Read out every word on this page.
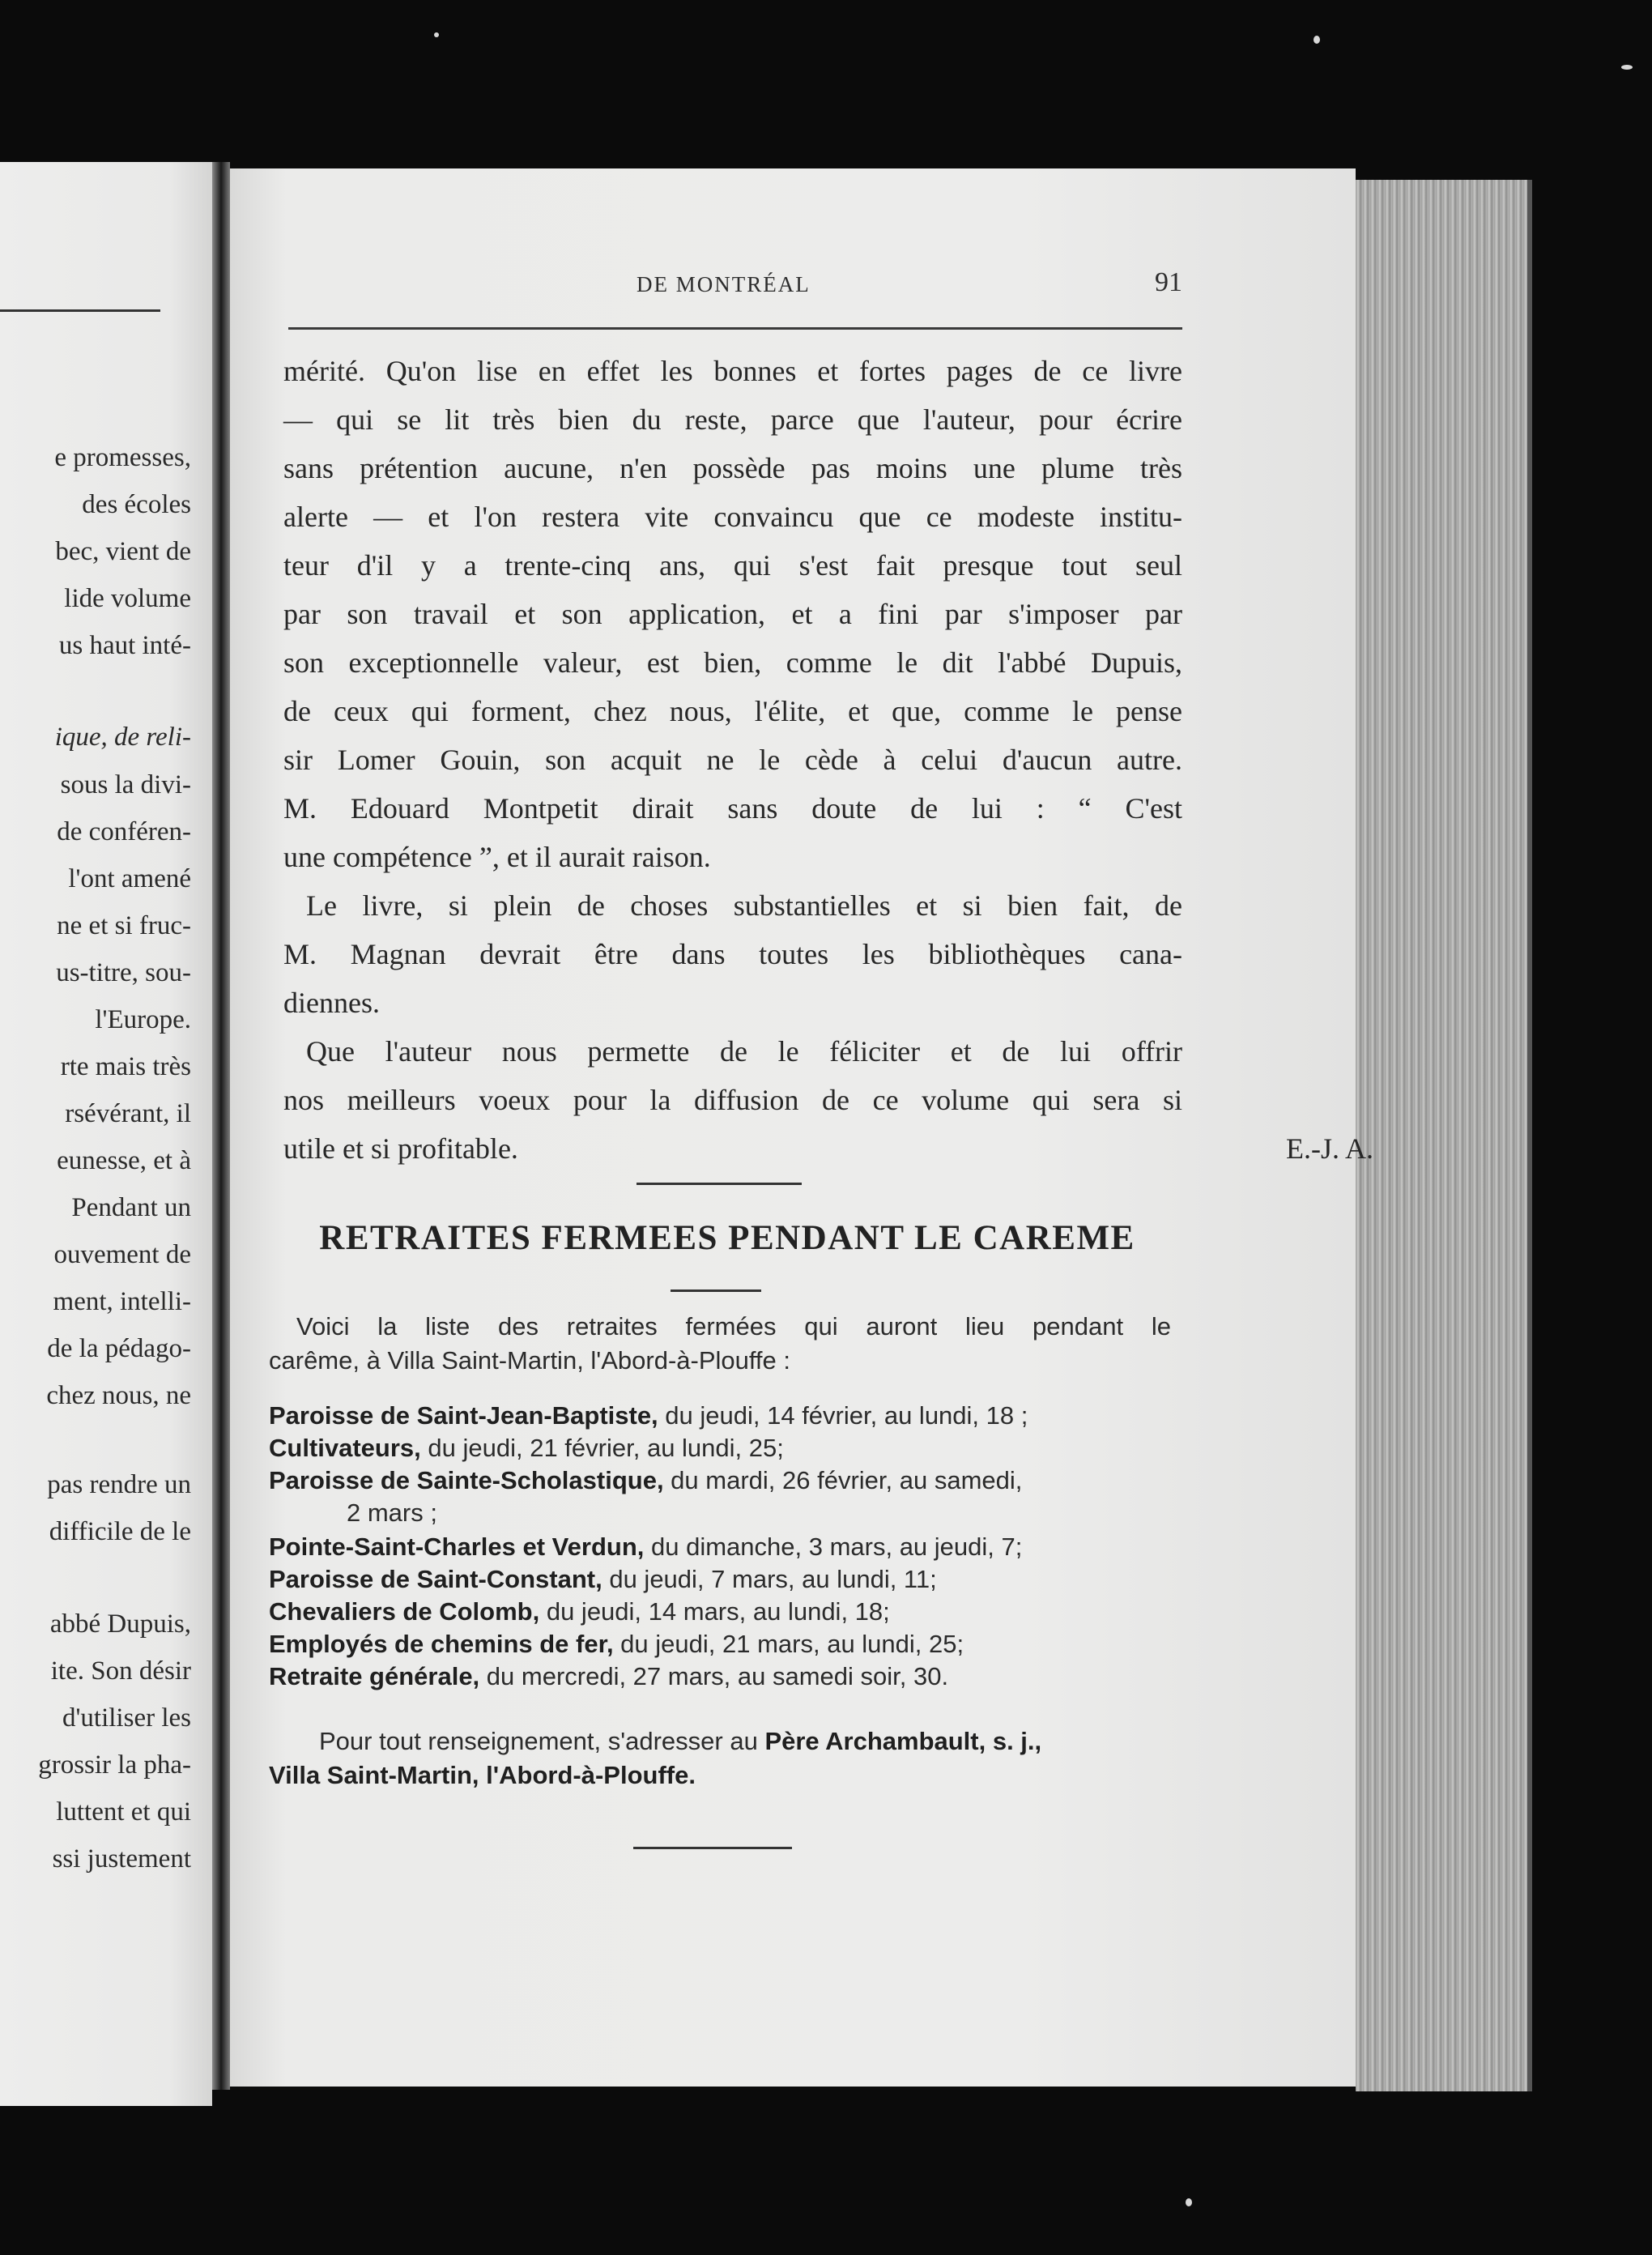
e promesses,
des écoles
bec, vient de
lide volume
us haut inté-
ique, de reli-
sous la divi-
de conféren-
l'ont amené
ne et si fruc-
us-titre, sou-
l'Europe.
rte mais très
rsévérant, il
eunesse, et à
Pendant un
ouvement de
ment, intelli-
de la pédago-
chez nous, ne
pas rendre un
difficile de le
abbé Dupuis,
ite. Son désir
d'utiliser les
grossir la pha-
luttent et qui
ssi justement
DE MONTRÉAL	91
mérité. Qu'on lise en effet les bonnes et fortes pages de ce livre
— qui se lit très bien du reste, parce que l'auteur, pour écrire
sans prétention aucune, n'en possède pas moins une plume très
alerte — et l'on restera vite convaincu que ce modeste institu-
teur d'il y a trente-cinq ans, qui s'est fait presque tout seul
par son travail et son application, et a fini par s'imposer par
son exceptionnelle valeur, est bien, comme le dit l'abbé Dupuis,
de ceux qui forment, chez nous, l'élite, et que, comme le pense
sir Lomer Gouin, son acquit ne le cède à celui d'aucun autre.
M. Edouard Montpetit dirait sans doute de lui : “ C'est
une compétence ”, et il aurait raison.
Le livre, si plein de choses substantielles et si bien fait, de
M. Magnan devrait être dans toutes les bibliothèques cana-
diennes.
Que l'auteur nous permette de le féliciter et de lui offrir
nos meilleurs voeux pour la diffusion de ce volume qui sera si
utile et si profitable.	E.-J. A.
RETRAITES FERMEES PENDANT LE CAREME
Voici la liste des retraites fermées qui auront lieu pendant le
carême, à Villa Saint-Martin, l'Abord-à-Plouffe :
Paroisse de Saint-Jean-Baptiste, du jeudi, 14 février, au lundi, 18 ;
Cultivateurs, du jeudi, 21 février, au lundi, 25;
Paroisse de Sainte-Scholastique, du mardi, 26 février, au samedi,
2 mars ;
Pointe-Saint-Charles et Verdun, du dimanche, 3 mars, au jeudi, 7;
Paroisse de Saint-Constant, du jeudi, 7 mars, au lundi, 11;
Chevaliers de Colomb, du jeudi, 14 mars, au lundi, 18;
Employés de chemins de fer, du jeudi, 21 mars, au lundi, 25;
Retraite générale, du mercredi, 27 mars, au samedi soir, 30.
Pour tout renseignement, s'adresser au Père Archambault, s. j.,
Villa Saint-Martin, l'Abord-à-Plouffe.
